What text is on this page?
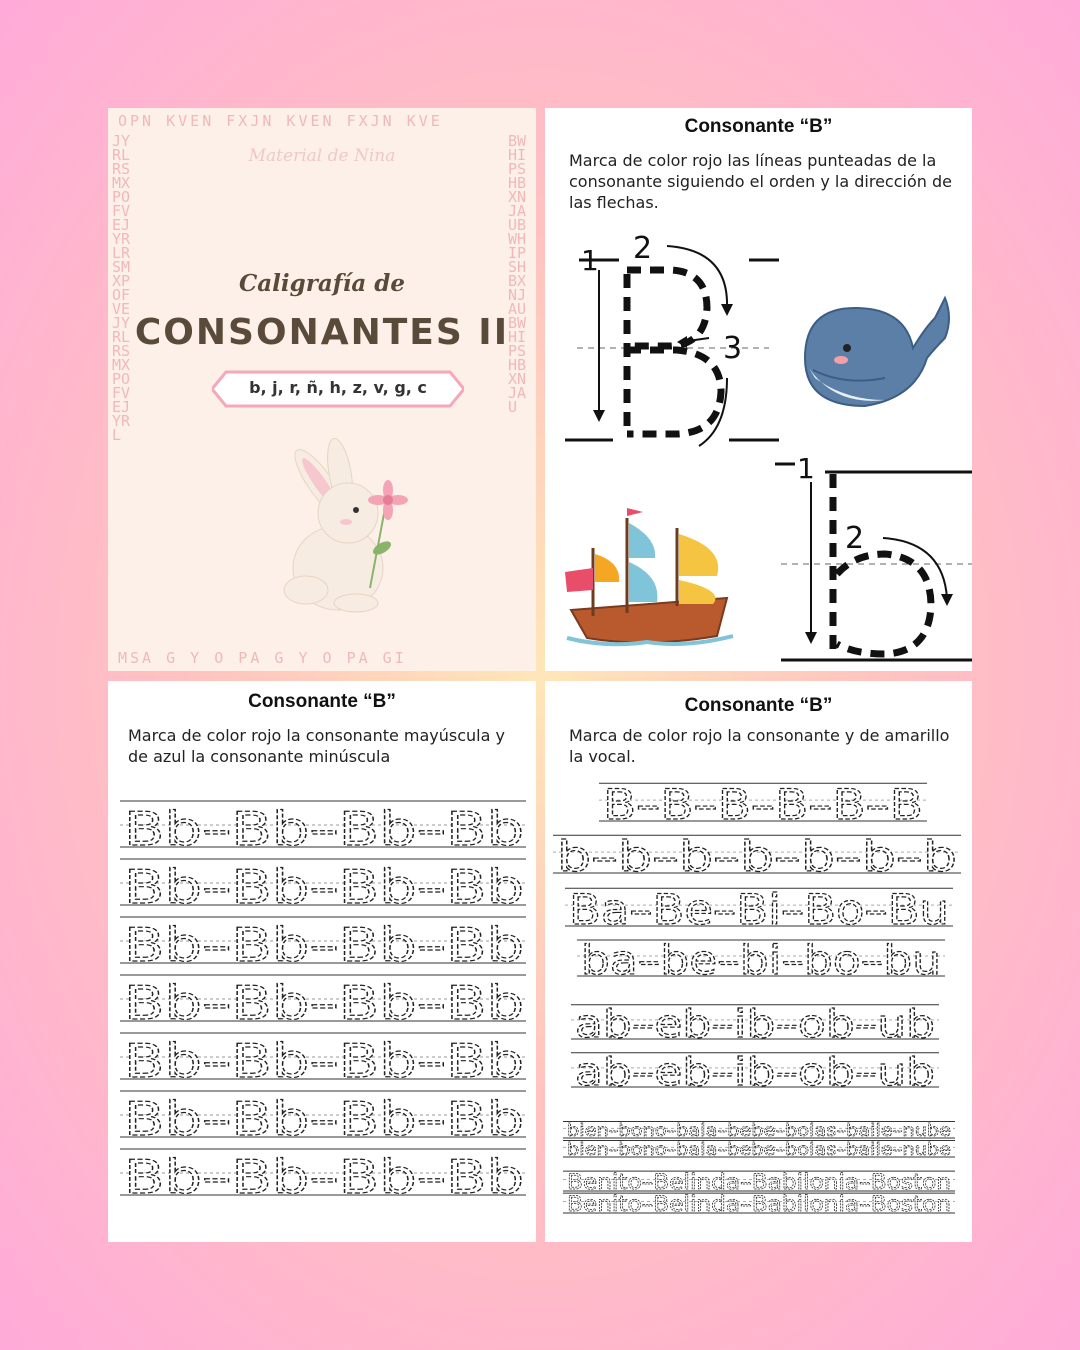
OPN KVEN FXJN KVEN FXJN KVE
MSA G Y O PA G Y O PA GI
JYRLRSMXPOFVEJYRLRSMXPOFVEJYRLRSMXPOFVEJYRL
BWHIPSHBXNJAUBWHIPSHBXNJAUBWHIPSHBXNJAU
Material de Nina
Caligrafía de
CONSONANTES II
b, j, r, ñ, h, z, v, g, c
Consonante “B”
Marca de color rojo las líneas punteadas de la consonante siguiendo el orden y la dirección de las flechas.
1 2
3
1
2
Consonante “B”
Marca de color rojo la consonante mayúscula y de azul la consonante minúscula
Bb–Bb–Bb–Bb
Bb–Bb–Bb–Bb
Bb–Bb–Bb–Bb
Bb–Bb–Bb–Bb
Bb–Bb–Bb–Bb
Bb–Bb–Bb–Bb
Bb–Bb–Bb–Bb
Consonante “B”
Marca de color rojo la consonante y de amarillo la vocal.
B–B–B–B–B–B
b–b–b–b–b–b–b
Ba–Be–Bi–Bo–Bu
ba–be–bi–bo–bu
ab–eb–ib–ob–ub
ab–eb–ib–ob–ub
bien–bono–bala–bebe–bolas–baile–nube
bien–bono–bala–bebe–bolas–baile–nube
Benito–Belinda–Babilonia–Boston
Benito–Belinda–Babilonia–Boston
